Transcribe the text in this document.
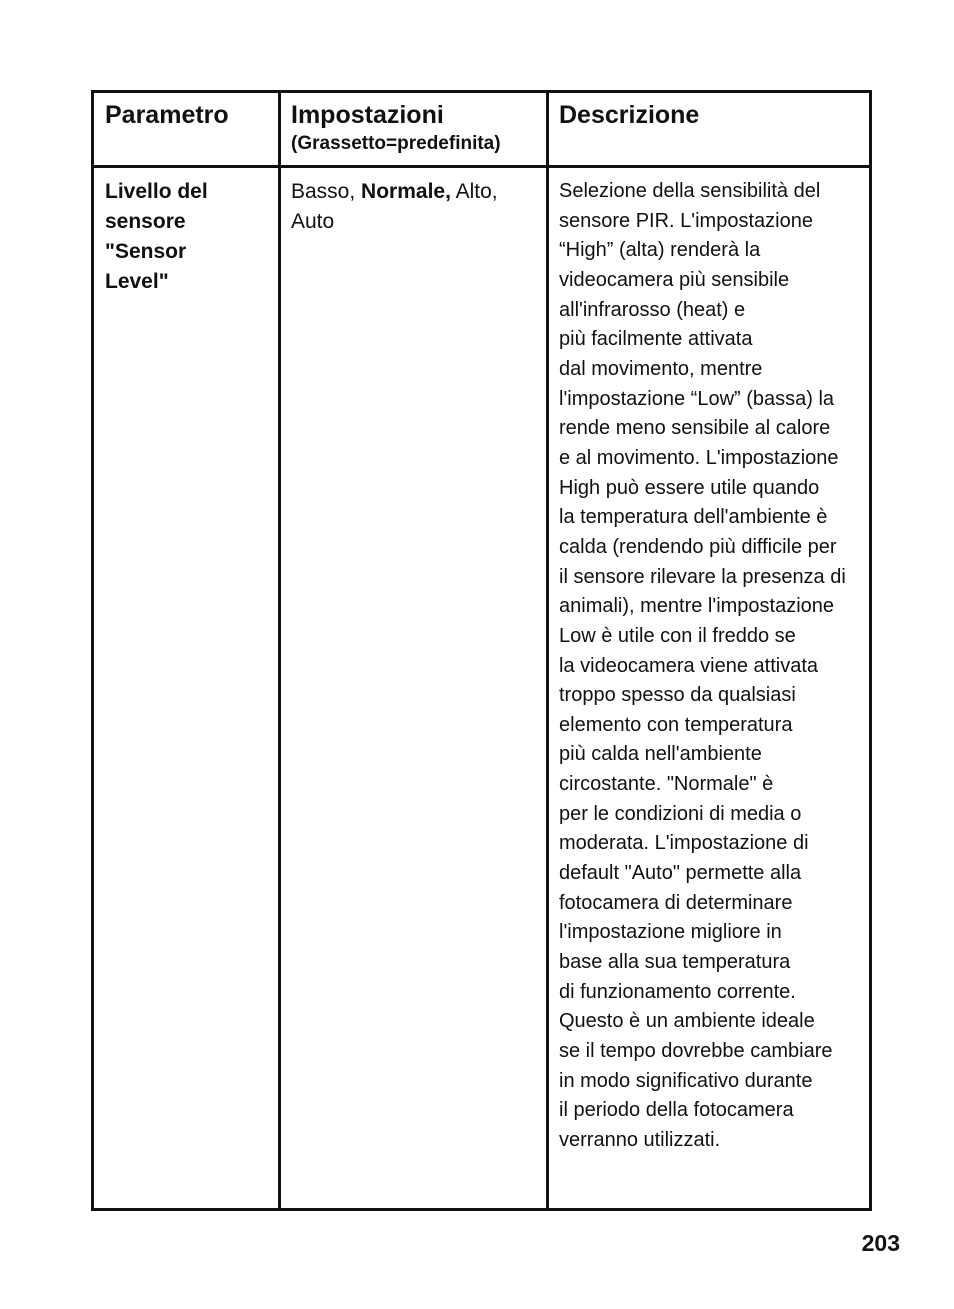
Parametro Impostazioni
(Grassetto=predefinita)
Descrizione
Livello del
sensore
"Sensor
Level"
Basso, Normale, Alto, Auto
Selezione della sensibilità del
sensore PIR. L'impostazione
“High” (alta) renderà la
videocamera più sensibile
all'infrarosso (heat) e
più facilmente attivata
dal movimento, mentre
l'impostazione “Low” (bassa) la
rende meno sensibile al calore
e al movimento. L'impostazione
High può essere utile quando
la temperatura dell'ambiente è
calda (rendendo più difficile per
il sensore rilevare la presenza di
animali), mentre l'impostazione
Low è utile con il freddo se
la videocamera viene attivata
troppo spesso da qualsiasi
elemento con temperatura
più calda nell'ambiente
circostante. "Normale" è
per le condizioni di media o
moderata. L'impostazione di
default "Auto" permette alla
fotocamera di determinare
l'impostazione migliore in
base alla sua temperatura
di funzionamento corrente.
Questo è un ambiente ideale
se il tempo dovrebbe cambiare
in modo significativo durante
il periodo della fotocamera
verranno utilizzati.
203
